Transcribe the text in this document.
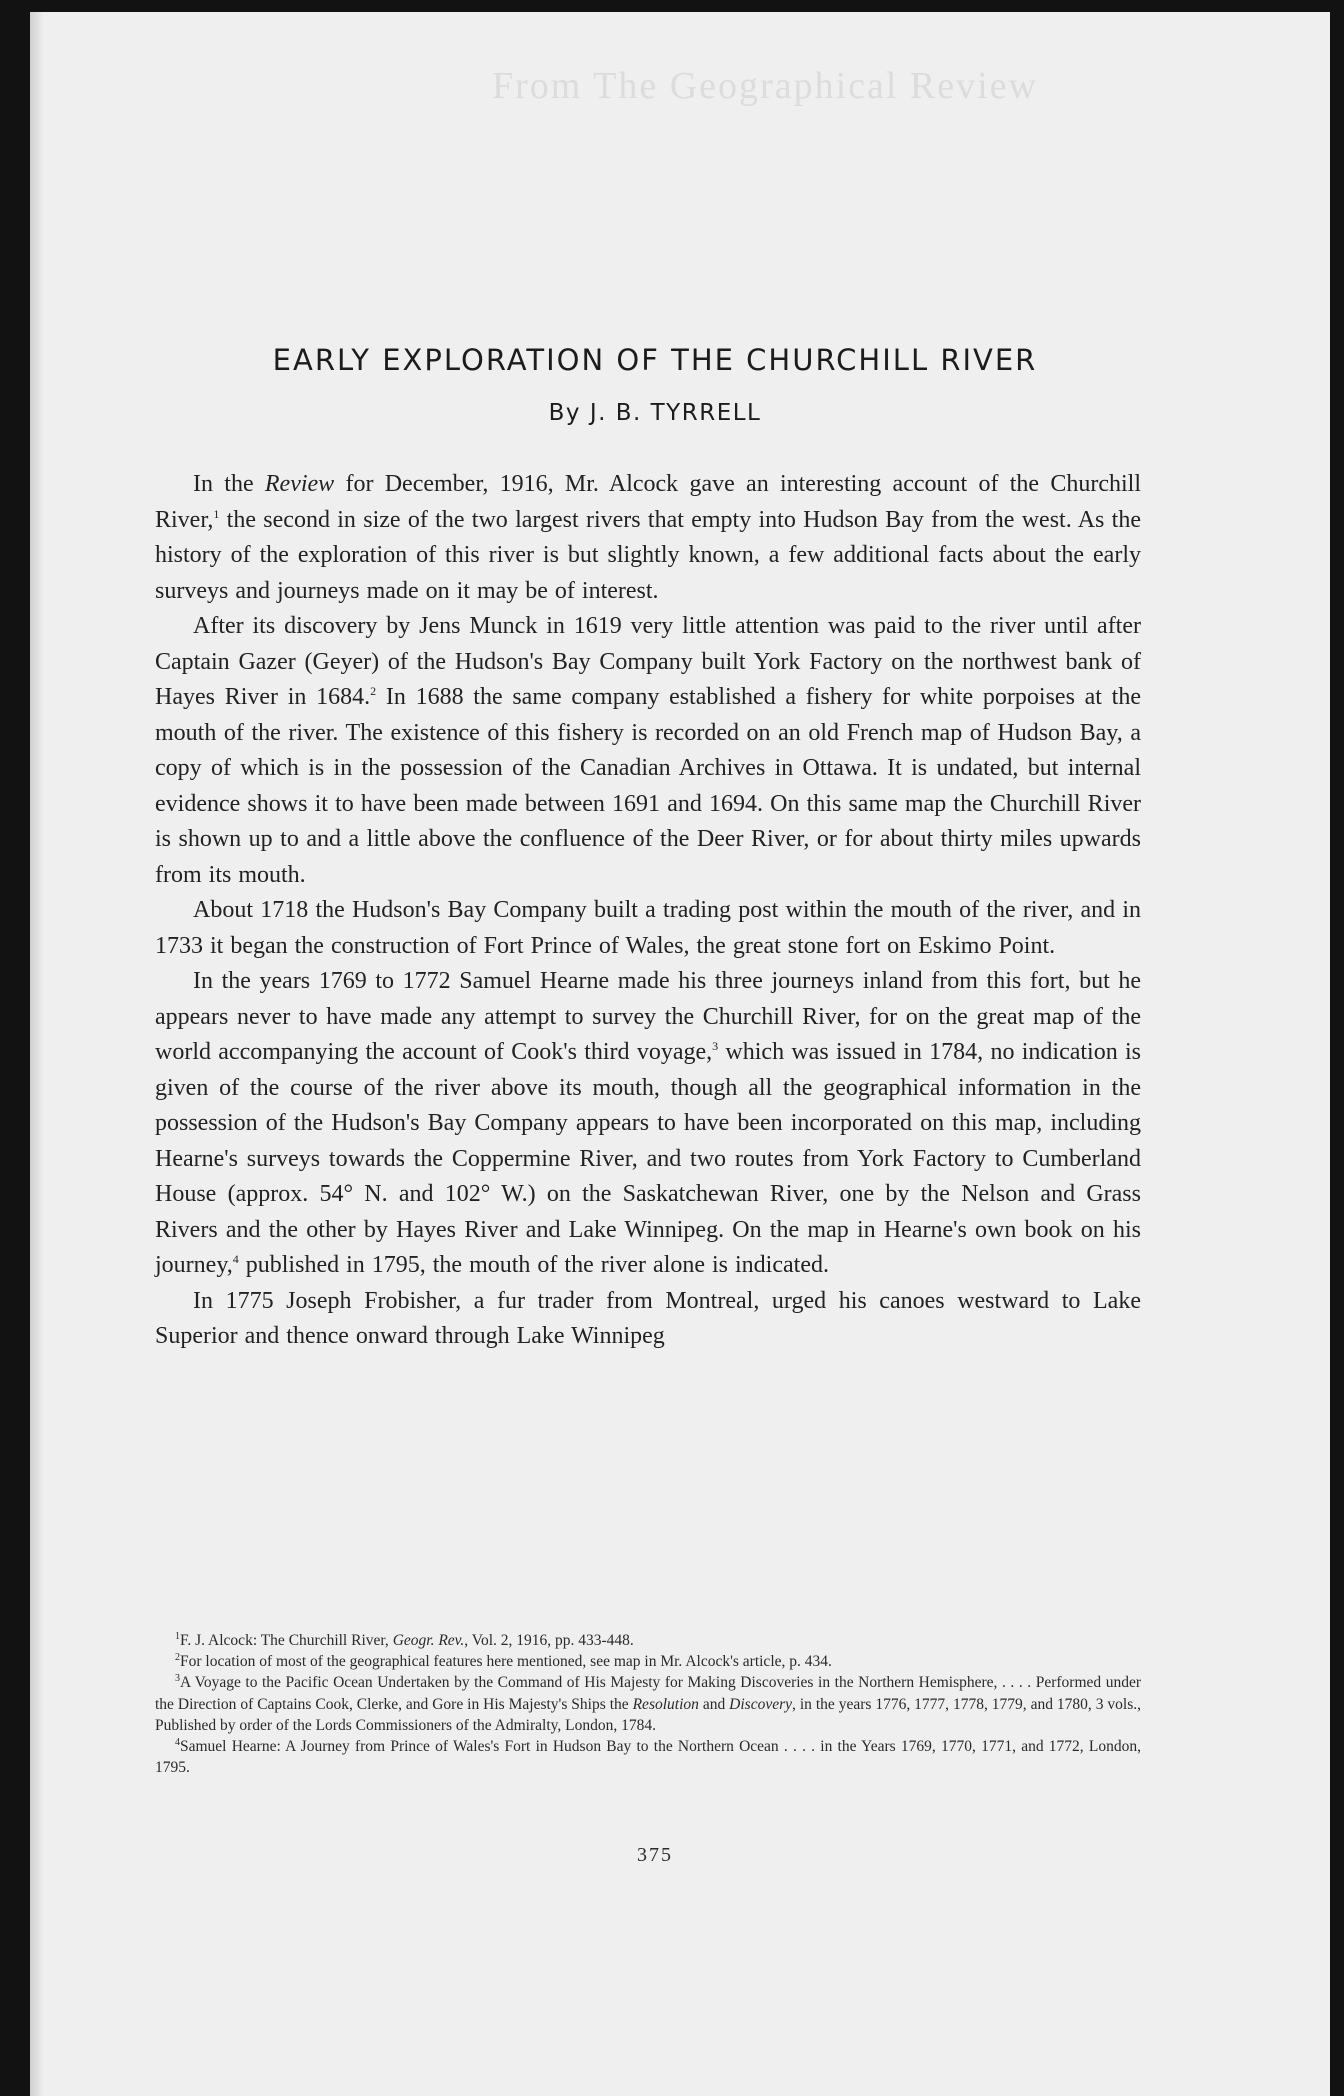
From The Geographical Review
EARLY EXPLORATION OF THE CHURCHILL RIVER
By J. B. TYRRELL

In the Review for December, 1916, Mr. Alcock gave an interesting account of the Churchill River,$^1$ the second in size of the two largest rivers that empty into Hudson Bay from the west. As the history of the exploration of this river is but slightly known, a few additional facts about the early surveys and journeys made on it may be of interest.

After its discovery by Jens Munck in 1619 very little attention was paid to the river until after Captain Gazer (Geyer) of the Hudson's Bay Company built York Factory on the northwest bank of Hayes River in 1684.$^2$ In 1688 the same company established a fishery for white porpoises at the mouth of the river. The existence of this fishery is recorded on an old French map of Hudson Bay, a copy of which is in the possession of the Canadian Archives in Ottawa. It is undated, but internal evidence shows it to have been made between 1691 and 1694. On this same map the Churchill River is shown up to and a little above the confluence of the Deer River, or for about thirty miles upwards from its mouth.

About 1718 the Hudson's Bay Company built a trading post within the mouth of the river, and in 1733 it began the construction of Fort Prince of Wales, the great stone fort on Eskimo Point.

In the years 1769 to 1772 Samuel Hearne made his three journeys inland from this fort, but he appears never to have made any attempt to survey the Churchill River, for on the great map of the world accompanying the account of Cook's third voyage,$^3$ which was issued in 1784, no indication is given of the course of the river above its mouth, though all the geographical information in the possession of the Hudson's Bay Company appears to have been incorporated on this map, including Hearne's surveys towards the Coppermine River, and two routes from York Factory to Cumberland House (approx. 54° N. and 102° W.) on the Saskatchewan River, one by the Nelson and Grass Rivers and the other by Hayes River and Lake Winnipeg. On the map in Hearne's own book on his journey,$^4$ published in 1795, the mouth of the river alone is indicated.

In 1775 Joseph Frobisher, a fur trader from Montreal, urged his canoes westward to Lake Superior and thence onward through Lake Winnipeg

$^1$F. J. Alcock: The Churchill River, Geogr. Rev., Vol. 2, 1916, pp. 433-448.

$^2$For location of most of the geographical features here mentioned, see map in Mr. Alcock's article, p. 434.

$^3$A Voyage to the Pacific Ocean Undertaken by the Command of His Majesty for Making Discoveries in the Northern Hemisphere, . . . . Performed under the Direction of Captains Cook, Clerke, and Gore in His Majesty's Ships the Resolution and Discovery, in the years 1776, 1777, 1778, 1779, and 1780, 3 vols., Published by order of the Lords Commissioners of the Admiralty, London, 1784.

$^4$Samuel Hearne: A Journey from Prince of Wales's Fort in Hudson Bay to the Northern Ocean . . . . in the Years 1769, 1770, 1771, and 1772, London, 1795.

375
